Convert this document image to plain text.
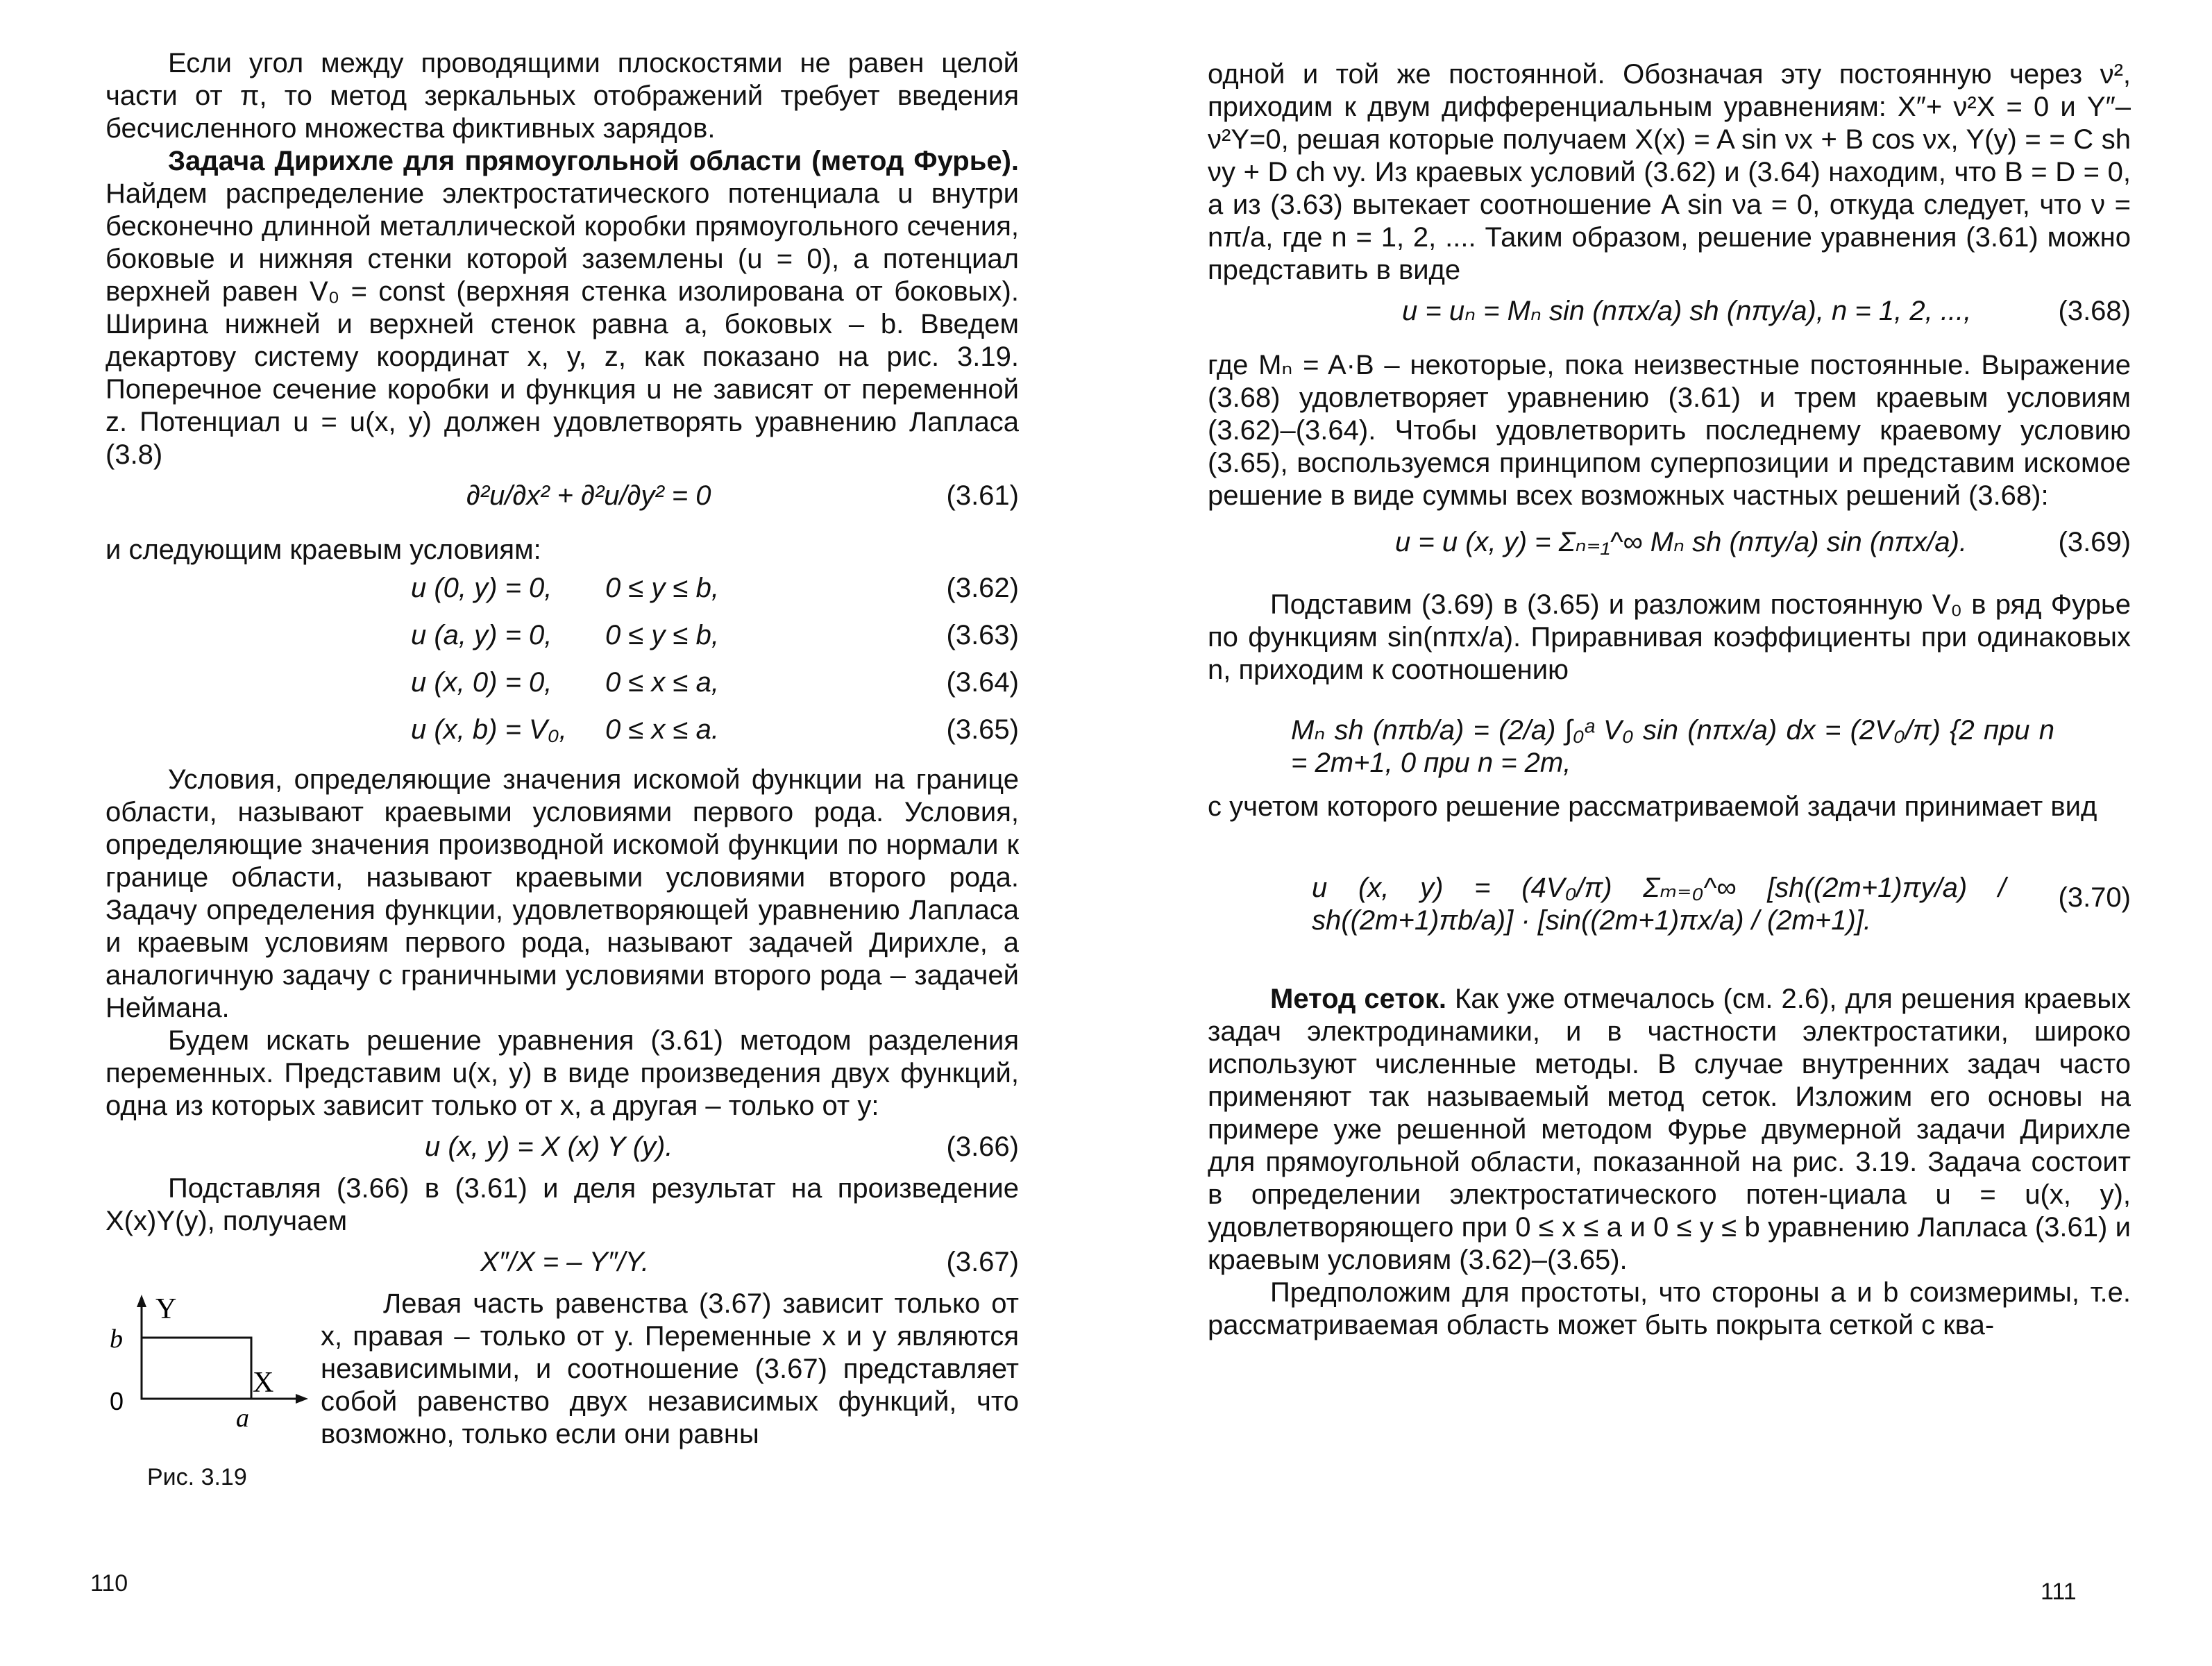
Если угол между проводящими плоскостями не равен целой части от π, то метод зеркальных отображений требует введения бесчисленного множества фиктивных зарядов.

Задача Дирихле для прямоугольной области (метод Фурье). Найдем распределение электростатического потенциала u внутри бесконечно длинной металлической коробки прямоугольного сечения, боковые и нижняя стенки которой заземлены (u = 0), а потенциал верхней равен V₀ = const (верхняя стенка изолирована от боковых). Ширина нижней и верхней стенок равна a, боковых – b. Введем декартову систему координат x, y, z, как показано на рис. 3.19. Поперечное сечение коробки и функция u не зависят от переменной z. Потенциал u = u(x, y) должен удовлетворять уравнению Лапласа (3.8)

∂²u/∂x² + ∂²u/∂y² = 0	(3.61)

и следующим краевым условиям:

u (0, y) = 0, 0 ≤ y ≤ b,	(3.62)
u (a, y) = 0, 0 ≤ y ≤ b,	(3.63)
u (x, 0) = 0, 0 ≤ x ≤ a,	(3.64)
u (x, b) = V₀, 0 ≤ x ≤ a.	(3.65)

Условия, определяющие значения искомой функции на границе области, называют краевыми условиями первого рода. Условия, определяющие значения производной искомой функции по нормали к границе области, называют краевыми условиями второго рода. Задачу определения функции, удовлетворяющей уравнению Лапласа и краевым условиям первого рода, называют задачей Дирихле, а аналогичную задачу с граничными условиями второго рода – задачей Неймана.

Будем искать решение уравнения (3.61) методом разделения переменных. Представим u(x, y) в виде произведения двух функций, одна из которых зависит только от x, а другая – только от y:

u (x, y) = X (x) Y (y).	(3.66)

Подставляя (3.66) в (3.61) и деля результат на произведение X(x)Y(y), получаем

X″/X = – Y″/Y.	(3.67)
Y
X
b
0
a
Рис. 3.19

Левая часть равенства (3.67) зависит только от x, правая – только от y. Переменные x и y являются независимыми, и соотношение (3.67) представляет собой равенство двух независимых функций, что возможно, только если они равны

110

одной и той же постоянной. Обозначая эту постоянную через ν², приходим к двум дифференциальным уравнениям: X″+ ν²X = 0 и Y″–ν²Y=0, решая которые получаем X(x) = A sin νx + B cos νx, Y(y) = = C sh νy + D ch νy. Из краевых условий (3.62) и (3.64) находим, что B = D = 0, а из (3.63) вытекает соотношение A sin νa = 0, откуда следует, что ν = nπ/a, где n = 1, 2, .... Таким образом, решение уравнения (3.61) можно представить в виде

u = uₙ = Mₙ sin (nπx/a) sh (nπy/a), n = 1, 2, ...,	(3.68)

где Mₙ = A·B – некоторые, пока неизвестные постоянные. Выражение (3.68) удовлетворяет уравнению (3.61) и трем краевым условиям (3.62)–(3.64). Чтобы удовлетворить последнему краевому условию (3.65), воспользуемся принципом суперпозиции и представим искомое решение в виде суммы всех возможных частных решений (3.68):

u = u (x, y) = Σₙ₌₁^∞ Mₙ sh (nπy/a) sin (nπx/a).	(3.69)

Подставим (3.69) в (3.65) и разложим постоянную V₀ в ряд Фурье по функциям sin(nπx/a). Приравнивая коэффициенты при одинаковых n, приходим к соотношению

Mₙ sh (nπb/a) = (2/a) ∫₀ᵃ V₀ sin (nπx/a) dx = (2V₀/π) {2 при n = 2m+1, 0 при n = 2m,

с учетом которого решение рассматриваемой задачи принимает вид

u (x, y) = (4V₀/π) Σₘ₌₀^∞ [sh((2m+1)πy/a) / sh((2m+1)πb/a)] · [sin((2m+1)πx/a) / (2m+1)].
(3.70)

Метод сеток. Как уже отмечалось (см. 2.6), для решения краевых задач электродинамики, и в частности электростатики, широко используют численные методы. В случае внутренних задач часто применяют так называемый метод сеток. Изложим его основы на примере уже решенной методом Фурье двумерной задачи Дирихле для прямоугольной области, показанной на рис. 3.19. Задача состоит в определении электростатического потен-циала u = u(x, y), удовлетворяющего при 0 ≤ x ≤ a и 0 ≤ y ≤ b уравнению Лапласа (3.61) и краевым условиям (3.62)–(3.65).

Предположим для простоты, что стороны a и b соизмеримы, т.е. рассматриваемая область может быть покрыта сеткой с ква-

111
